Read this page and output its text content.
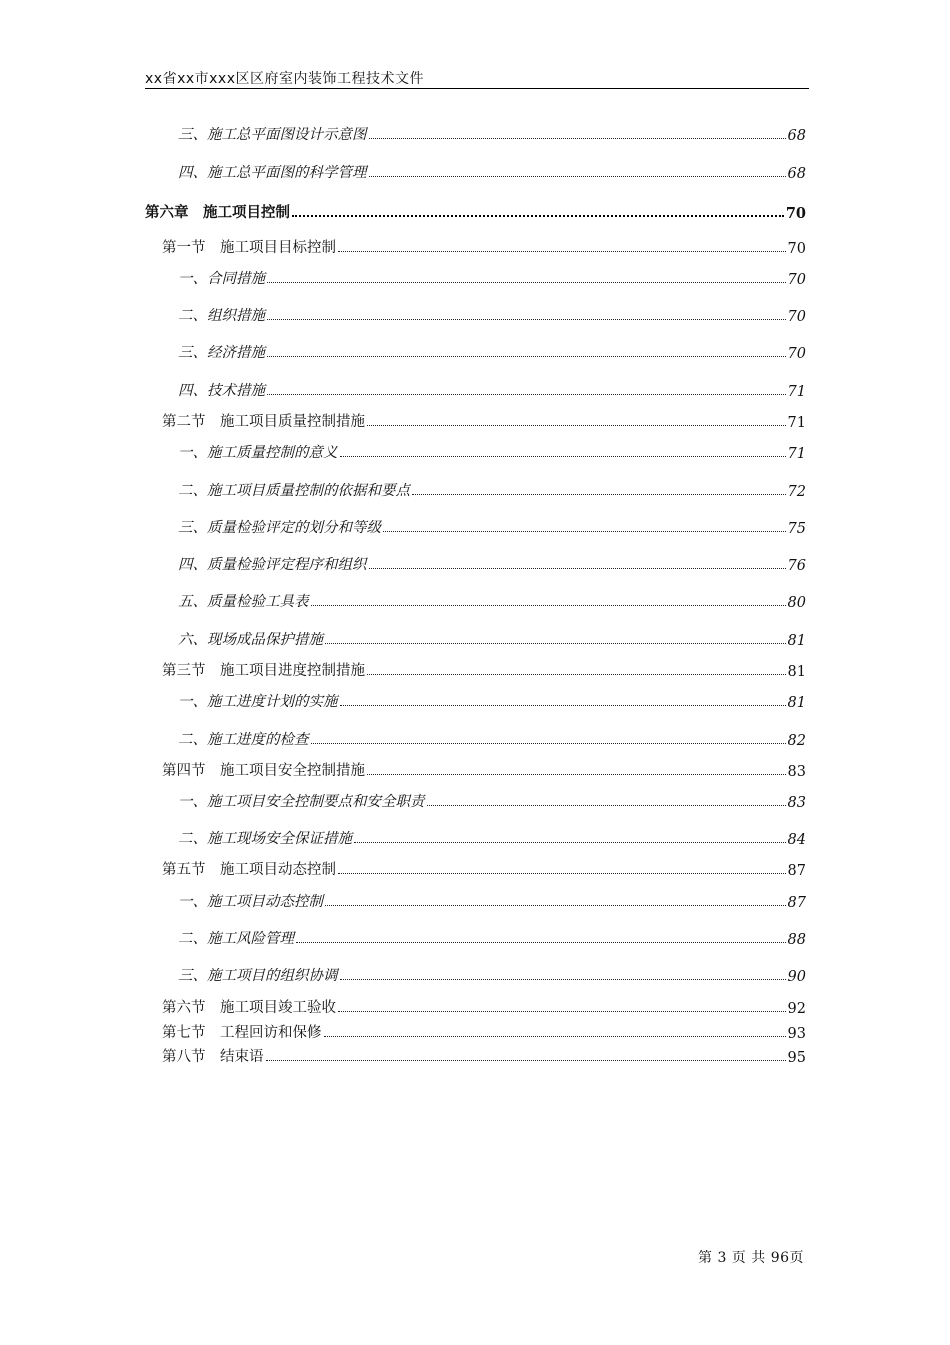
xx省xx市xxx区区府室内装饰工程技术文件
三、施工总平面图设计示意图	68
四、施工总平面图的科学管理	68
第六章　施工项目控制	70
第一节　施工项目目标控制	70
一、合同措施	70
二、组织措施	70
三、经济措施	70
四、技术措施	71
第二节　施工项目质量控制措施	71
一、施工质量控制的意义	71
二、施工项目质量控制的依据和要点	72
三、质量检验评定的划分和等级	75
四、质量检验评定程序和组织	76
五、质量检验工具表	80
六、现场成品保护措施	81
第三节　施工项目进度控制措施	81
一、施工进度计划的实施	81
二、施工进度的检查	82
第四节　施工项目安全控制措施	83
一、施工项目安全控制要点和安全职责	83
二、施工现场安全保证措施	84
第五节　施工项目动态控制	87
一、施工项目动态控制	87
二、施工风险管理	88
三、施工项目的组织协调	90
第六节　施工项目竣工验收	92
第七节　工程回访和保修	93
第八节　结束语	95
第 3 页 共 96页
